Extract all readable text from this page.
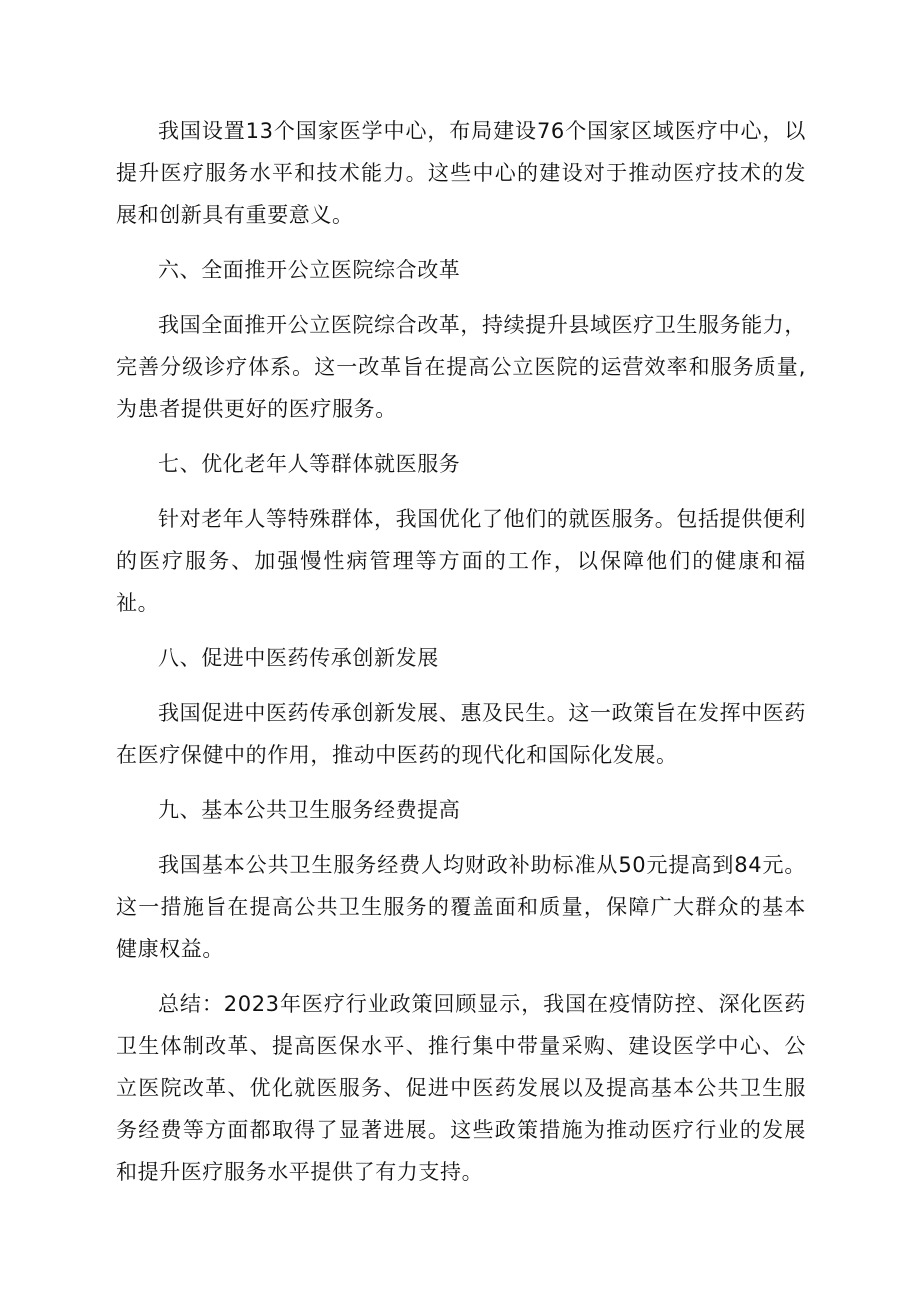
我国设置13个国家医学中心，布局建设76个国家区域医疗中心，以提升医疗服务水平和技术能力。这些中心的建设对于推动医疗技术的发展和创新具有重要意义。

六、全面推开公立医院综合改革

我国全面推开公立医院综合改革，持续提升县域医疗卫生服务能力，完善分级诊疗体系。这一改革旨在提高公立医院的运营效率和服务质量,为患者提供更好的医疗服务。

七、优化老年人等群体就医服务

针对老年人等特殊群体，我国优化了他们的就医服务。包括提供便利的医疗服务、加强慢性病管理等方面的工作，以保障他们的健康和福祉。

八、促进中医药传承创新发展

我国促进中医药传承创新发展、惠及民生。这一政策旨在发挥中医药在医疗保健中的作用，推动中医药的现代化和国际化发展。

九、基本公共卫生服务经费提高

我国基本公共卫生服务经费人均财政补助标准从50元提高到84元。这一措施旨在提高公共卫生服务的覆盖面和质量，保障广大群众的基本健康权益。

总结：2023年医疗行业政策回顾显示，我国在疫情防控、深化医药卫生体制改革、提高医保水平、推行集中带量采购、建设医学中心、公立医院改革、优化就医服务、促进中医药发展以及提高基本公共卫生服务经费等方面都取得了显著进展。这些政策措施为推动医疗行业的发展和提升医疗服务水平提供了有力支持。
